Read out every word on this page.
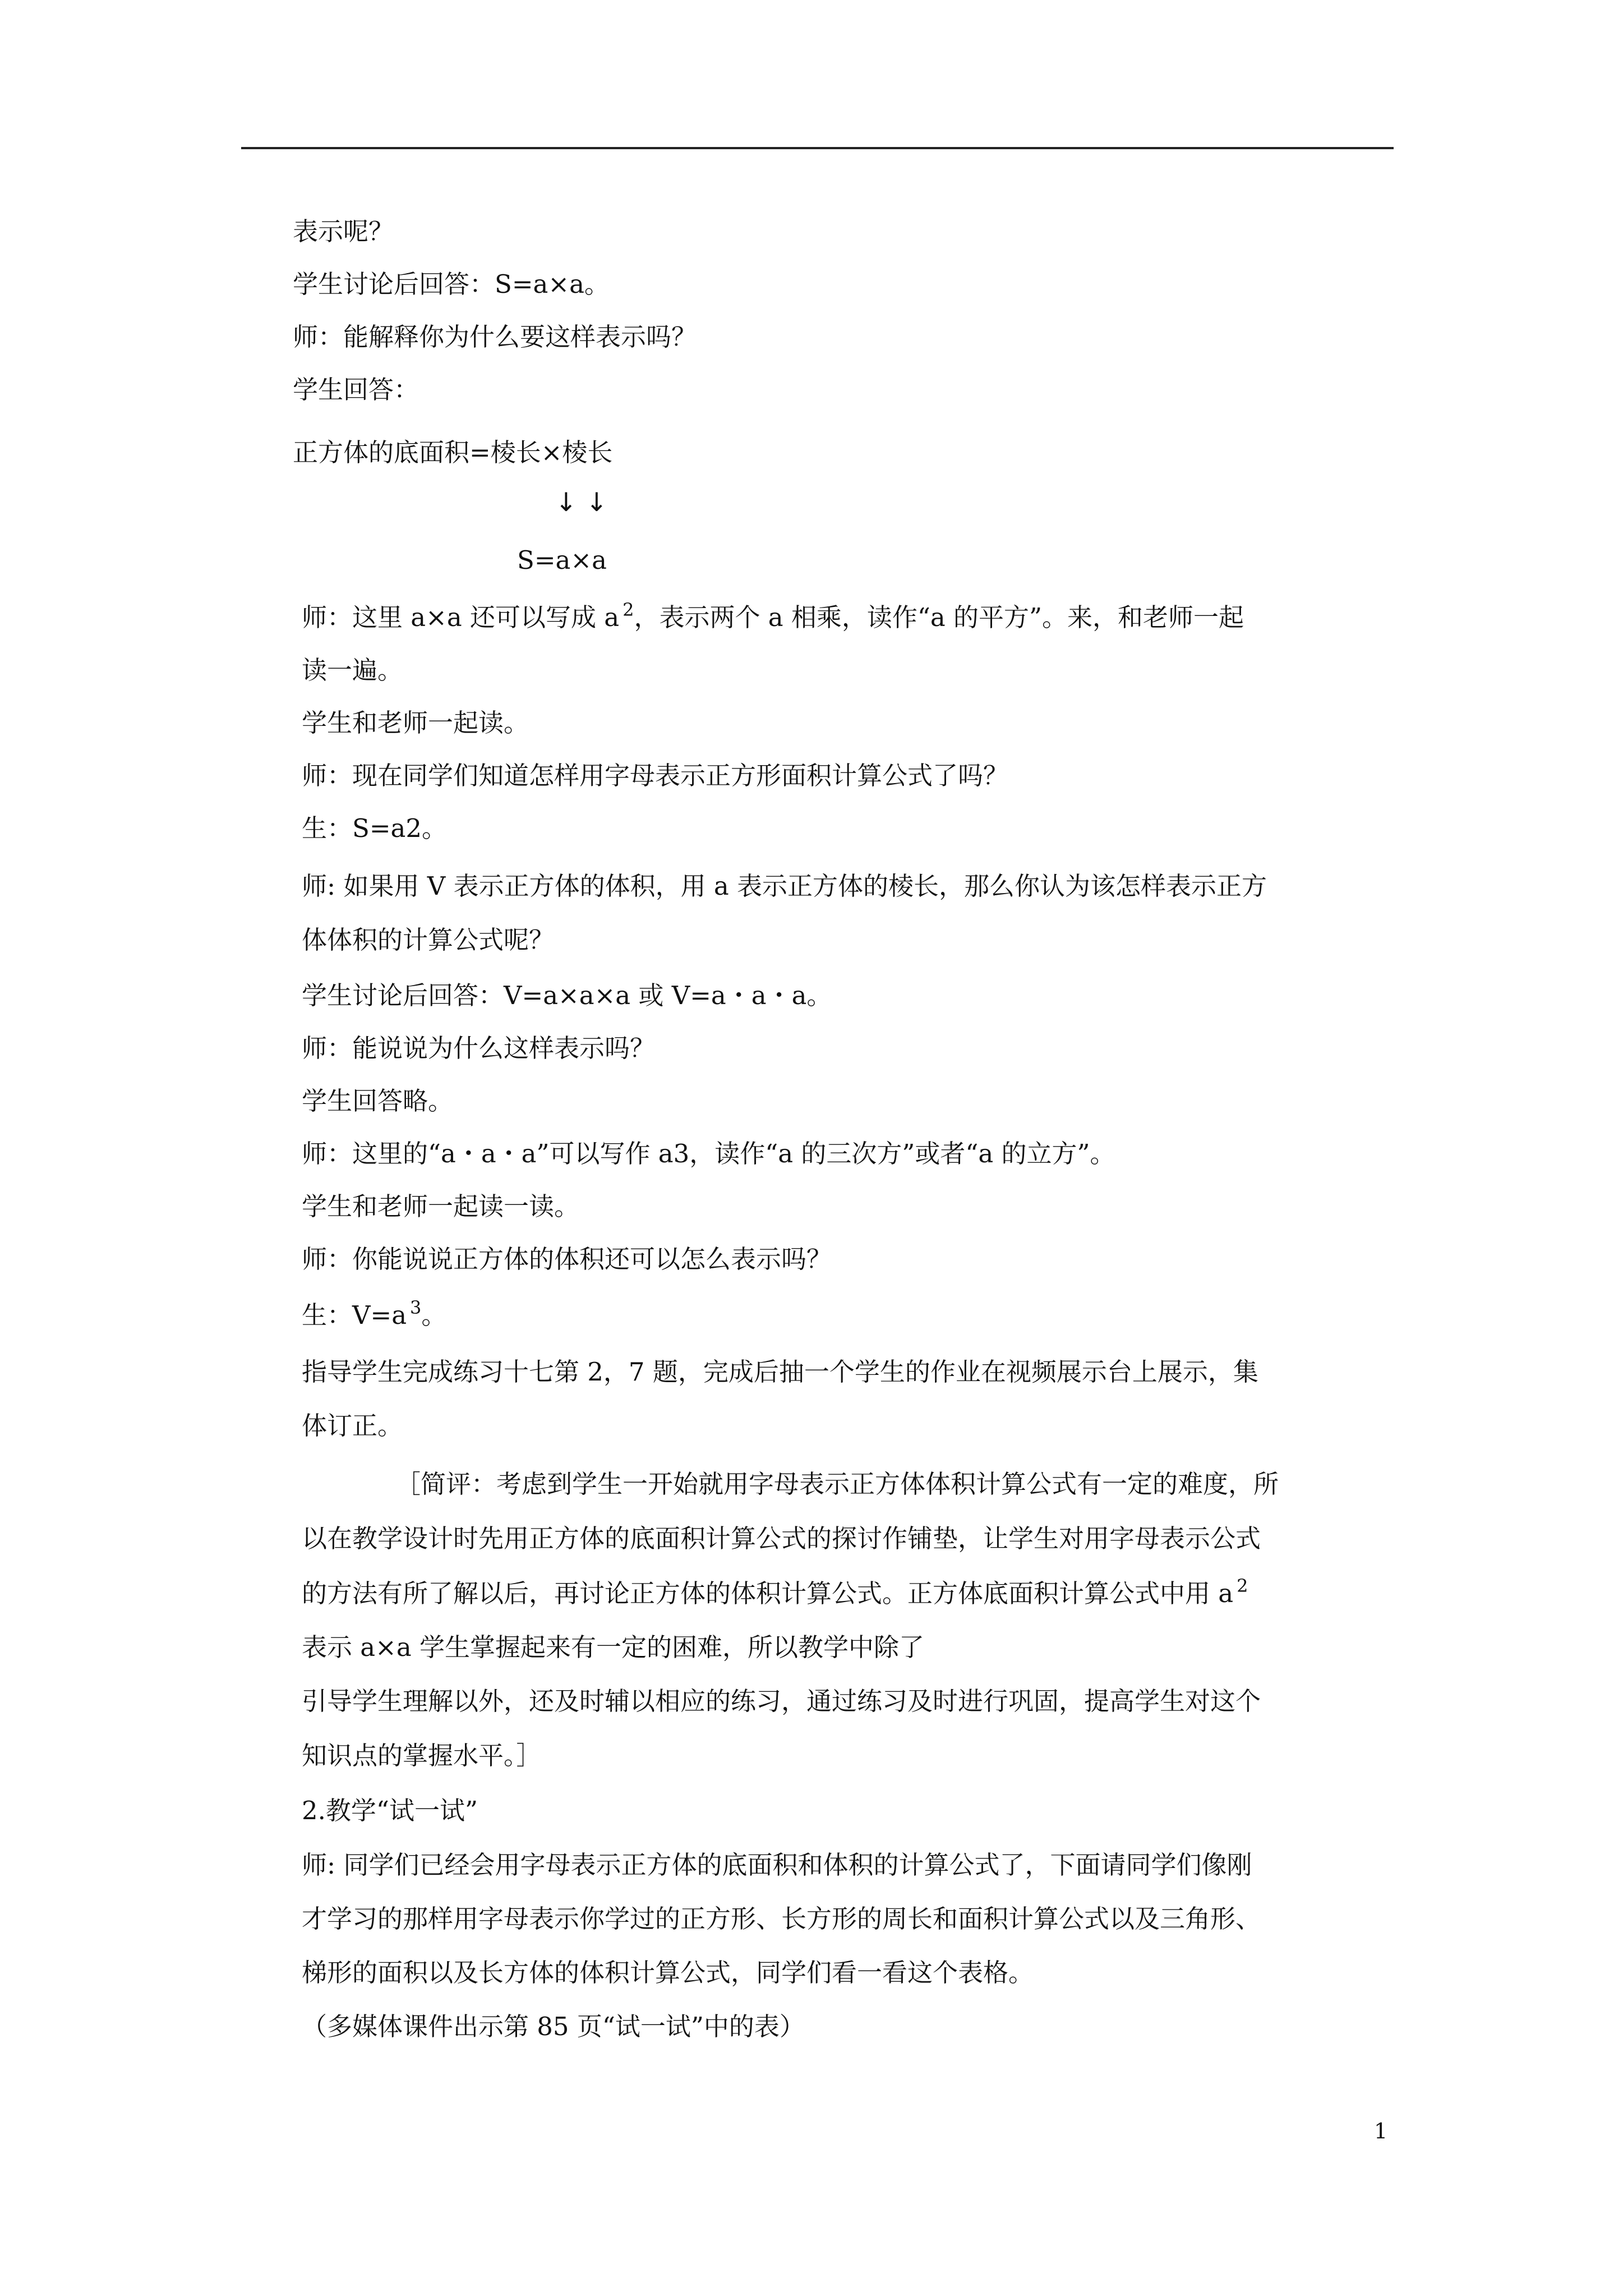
表示呢？
学生讨论后回答：S=a×a。
师：能解释你为什么要这样表示吗？
学生回答：
正方体的底面积=棱长×棱长
↓ ↓
S=a×a
师：这里 a×a 还可以写成 a $^2$，表示两个 a 相乘，读作“a 的平方”。来，和老师一起
读一遍。
学生和老师一起读。
师：现在同学们知道怎样用字母表示正方形面积计算公式了吗？
生：S=a2。
师: 如果用 V 表示正方体的体积，用 a 表示正方体的棱长，那么你认为该怎样表示正方
体体积的计算公式呢？
学生讨论后回答：V=a×a×a 或 V=a・a・a。
师：能说说为什么这样表示吗？
学生回答略。
师：这里的“a・a・a”可以写作 a3，读作“a 的三次方”或者“a 的立方”。
学生和老师一起读一读。
师：你能说说正方体的体积还可以怎么表示吗？
生：V=a $^3$。
指导学生完成练习十七第 2，7 题，完成后抽一个学生的作业在视频展示台上展示，集
体订正。
［简评：考虑到学生一开始就用字母表示正方体体积计算公式有一定的难度，所
以在教学设计时先用正方体的底面积计算公式的探讨作铺垫，让学生对用字母表示公式
的方法有所了解以后，再讨论正方体的体积计算公式。正方体底面积计算公式中用 a $^2$
表示 a×a 学生掌握起来有一定的困难，所以教学中除了
引导学生理解以外，还及时辅以相应的练习，通过练习及时进行巩固，提高学生对这个
知识点的掌握水平。］
2.教学“试一试”
师: 同学们已经会用字母表示正方体的底面积和体积的计算公式了，下面请同学们像刚
才学习的那样用字母表示你学过的正方形、长方形的周长和面积计算公式以及三角形、
梯形的面积以及长方体的体积计算公式，同学们看一看这个表格。
（多媒体课件出示第 85 页“试一试”中的表）
1
